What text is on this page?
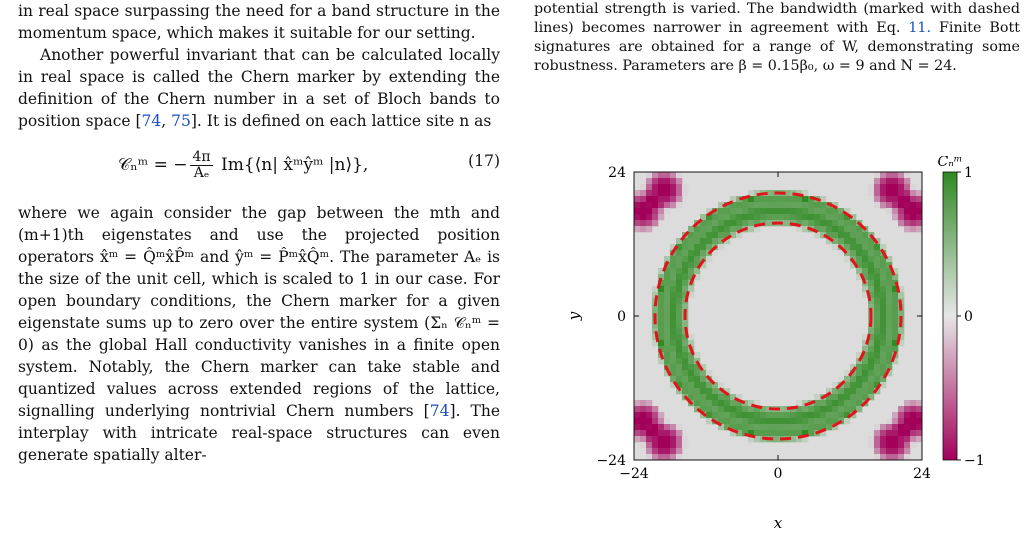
in real space surpassing the need for a band structure in the momentum space, which makes it suitable for our setting.

Another powerful invariant that can be calculated locally in real space is called the Chern marker by extending the definition of the Chern number in a set of Bloch bands to position space [74, 75]. It is defined on each lattice site n as

𝒞ₙᵐ = − $\frac{4\pi}{\text{Aₑ}}$ Im{⟨n| x̂ᵐŷᵐ |n⟩},	(17)

where we again consider the gap between the mth and (m+1)th eigenstates and use the projected position operators x̂ᵐ = Q̂ᵐx̂P̂ᵐ and ŷᵐ = P̂ᵐx̂Q̂ᵐ. The parameter Aₑ is the size of the unit cell, which is scaled to 1 in our case. For open boundary conditions, the Chern marker for a given eigenstate sums up to zero over the entire system (Σₙ 𝒞ₙᵐ = 0) as the global Hall conductivity vanishes in a finite open system. Notably, the Chern marker can take stable and quantized values across extended regions of the lattice, signalling underlying nontrivial Chern numbers [74]. The interplay with intricate real-space structures can even generate spatially alter-

potential strength is varied. The bandwidth (marked with dashed lines) becomes narrower in agreement with Eq. 11. Finite Bott signatures are obtained for a range of W, demonstrating some robustness. Parameters are β = 0.15β₀, ω = 9 and N = 24.

−24	0	24
24
0
−24
x
y
Cₙᵐ
1
0
−1
